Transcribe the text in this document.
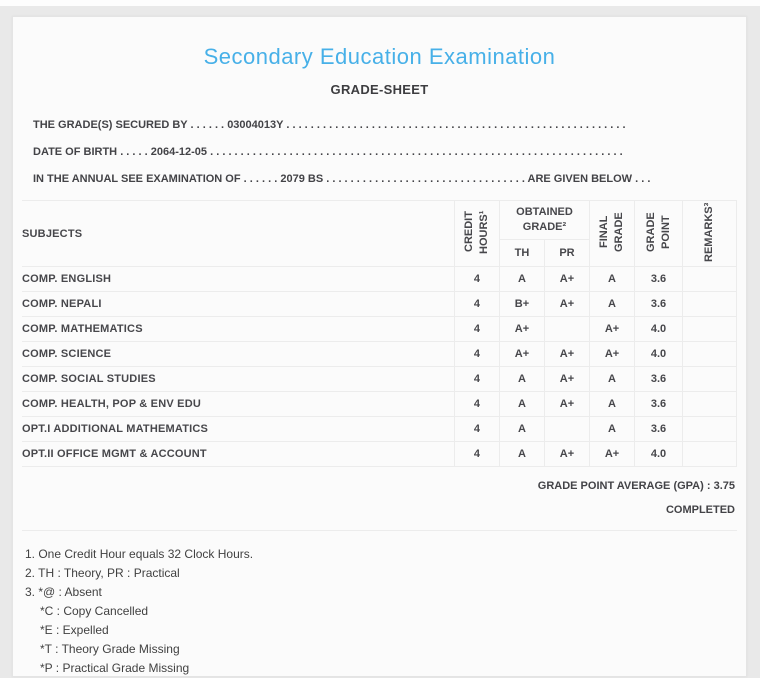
Secondary Education Examination
GRADE-SHEET
THE GRADE(S) SECURED BY . . . . . . 03004013Y . . . . . . . . . . . . . . . . . . . . . . . . . . . . . . . . . . . . . . . . . . . . . . . . . . . . . . . .
DATE OF BIRTH . . . . . 2064-12-05 . . . . . . . . . . . . . . . . . . . . . . . . . . . . . . . . . . . . . . . . . . . . . . . . . . . . . . . . . . . . . . . . . . . .
IN THE ANNUAL SEE EXAMINATION OF . . . . . . 2079 BS . . . . . . . . . . . . . . . . . . . . . . . . . . . . . . . . . ARE GIVEN BELOW . . .
SUBJECTS	CREDIT HOURS¹	OBTAINED GRADE²		FINAL GRADE	GRADE POINT	REMARKS³
		TH	PR			
COMP. ENGLISH	4	A	A+	A	3.6	
COMP. NEPALI	4	B+	A+	A	3.6	
COMP. MATHEMATICS	4	A+		A+	4.0	
COMP. SCIENCE	4	A+	A+	A+	4.0	
COMP. SOCIAL STUDIES	4	A	A+	A	3.6	
COMP. HEALTH, POP & ENV EDU	4	A	A+	A	3.6	
OPT.I ADDITIONAL MATHEMATICS	4	A		A	3.6	
OPT.II OFFICE MGMT & ACCOUNT	4	A	A+	A+	4.0	
GRADE POINT AVERAGE (GPA) : 3.75
COMPLETED
1. One Credit Hour equals 32 Clock Hours.
2. TH : Theory, PR : Practical
3. *@ : Absent
*C : Copy Cancelled
*E : Expelled
*T : Theory Grade Missing
*P : Practical Grade Missing
